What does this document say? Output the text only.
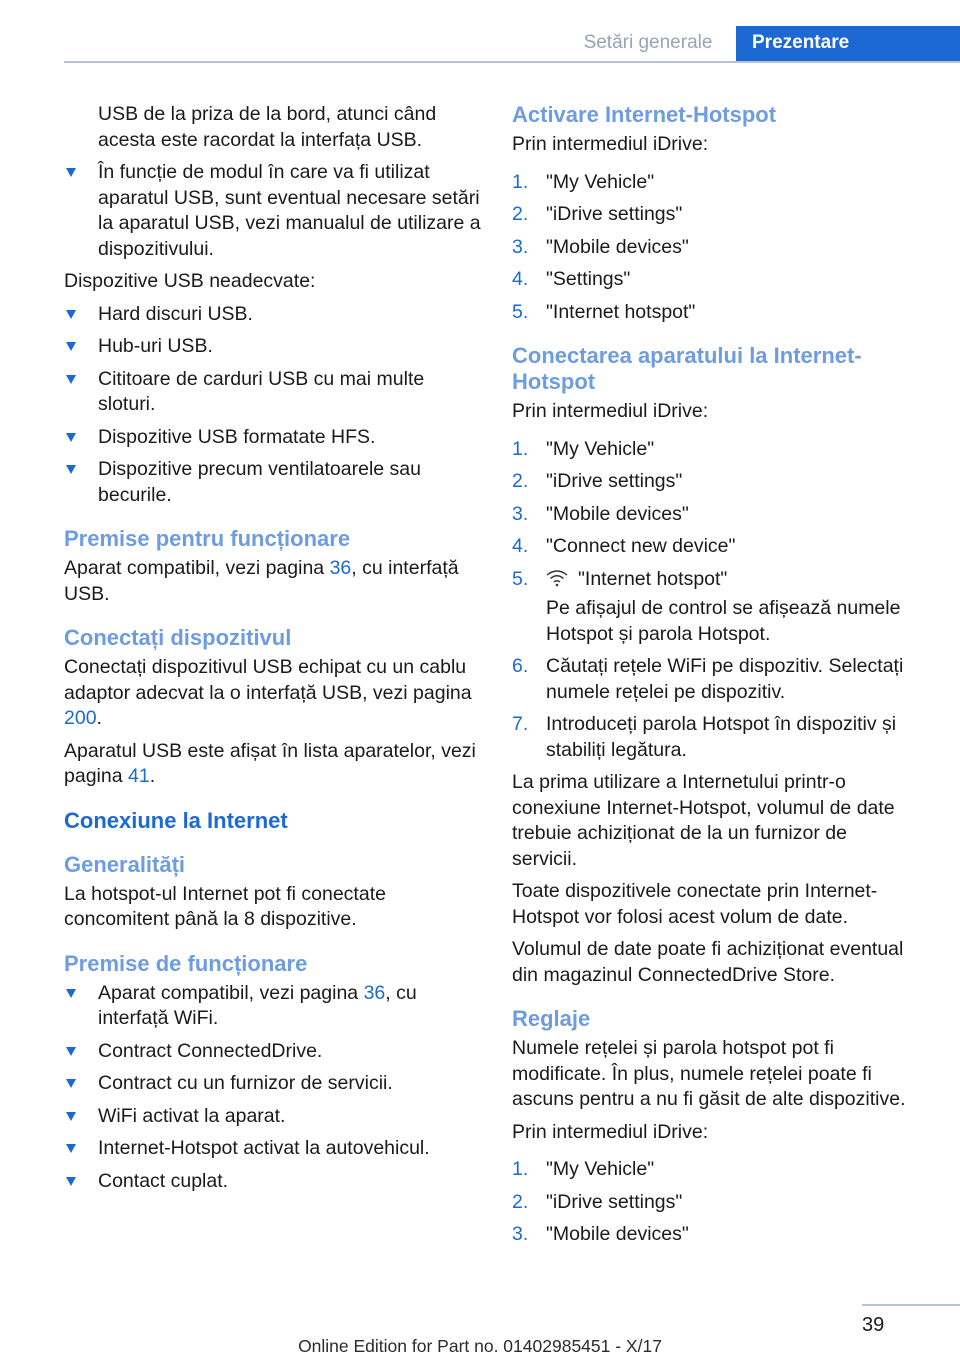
Setări generale	Prezentare
USB de la priza de la bord, atunci când acesta este racordat la interfața USB.
În funcție de modul în care va fi utilizat aparatul USB, sunt eventual necesare setări la aparatul USB, vezi manualul de utilizare a dispozitivului.
Dispozitive USB neadecvate:
Hard discuri USB.
Hub-uri USB.
Cititoare de carduri USB cu mai multe sloturi.
Dispozitive USB formatate HFS.
Dispozitive precum ventilatoarele sau becurile.
Premise pentru funcționare
Aparat compatibil, vezi pagina 36, cu interfață USB.
Conectați dispozitivul
Conectați dispozitivul USB echipat cu un cablu adaptor adecvat la o interfață USB, vezi pagina 200.
Aparatul USB este afișat în lista aparatelor, vezi pagina 41.
Conexiune la Internet
Generalități
La hotspot-ul Internet pot fi conectate concomitent până la 8 dispozitive.
Premise de funcționare
Aparat compatibil, vezi pagina 36, cu interfață WiFi.
Contract ConnectedDrive.
Contract cu un furnizor de servicii.
WiFi activat la aparat.
Internet-Hotspot activat la autovehicul.
Contact cuplat.
Activare Internet-Hotspot
Prin intermediul iDrive:
1. "My Vehicle"
2. "iDrive settings"
3. "Mobile devices"
4. "Settings"
5. "Internet hotspot"
Conectarea aparatului la Internet-Hotspot
Prin intermediul iDrive:
1. "My Vehicle"
2. "iDrive settings"
3. "Mobile devices"
4. "Connect new device"
5.	"Internet hotspot"
Pe afișajul de control se afișează numele Hotspot și parola Hotspot.
6. Căutați rețele WiFi pe dispozitiv. Selectați numele rețelei pe dispozitiv.
7. Introduceți parola Hotspot în dispozitiv și stabiliți legătura.
La prima utilizare a Internetului printr-o conexiune Internet-Hotspot, volumul de date trebuie achiziționat de la un furnizor de servicii.
Toate dispozitivele conectate prin Internet-Hotspot vor folosi acest volum de date.
Volumul de date poate fi achiziționat eventual din magazinul ConnectedDrive Store.
Reglaje
Numele rețelei și parola hotspot pot fi modificate. În plus, numele rețelei poate fi ascuns pentru a nu fi găsit de alte dispozitive.
Prin intermediul iDrive:
1. "My Vehicle"
2. "iDrive settings"
3. "Mobile devices"
39
Online Edition for Part no. 01402985451 - X/17
